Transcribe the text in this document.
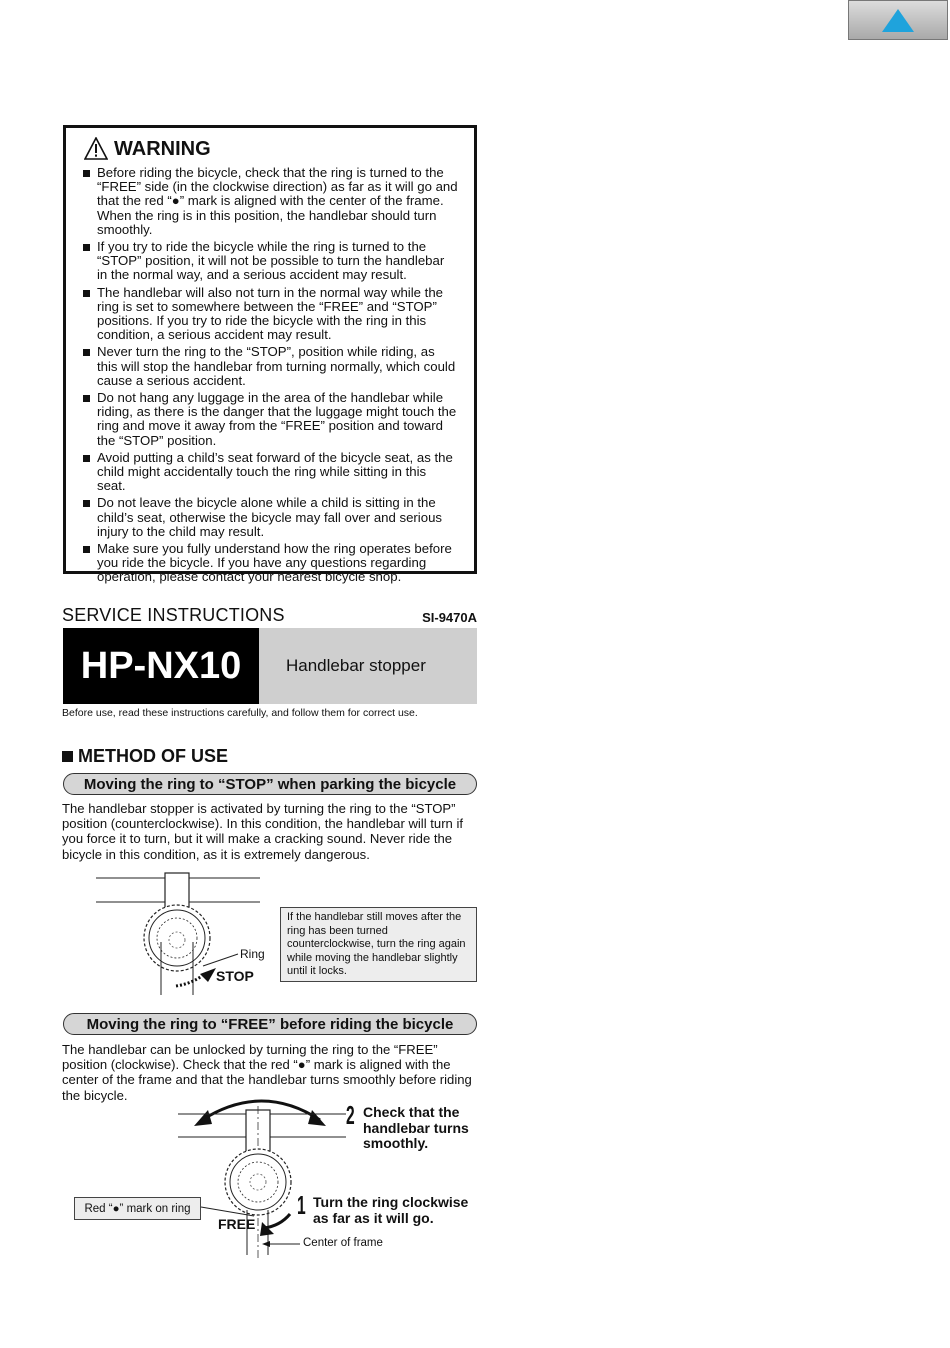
WARNING
Before riding the bicycle, check that the ring is turned to the “FREE” side (in the clockwise direction) as far as it will go and that the red “●” mark is aligned with the center of the frame. When the ring is in this position, the handlebar should turn smoothly.
If you try to ride the bicycle while the ring is turned to the “STOP” position, it will not be possible to turn the handlebar in the normal way, and a serious accident may result.
The handlebar will also not turn in the normal way while the ring is set to somewhere between the “FREE” and “STOP” positions. If you try to ride the bicycle with the ring in this condition, a serious accident may result.
Never turn the ring to the “STOP”, position while riding, as this will stop the handlebar from turning normally, which could cause a serious accident.
Do not hang any luggage in the area of the handlebar while riding, as there is the danger that the luggage might touch the ring and move it away from the “FREE” position and toward the “STOP” position.
Avoid putting a child’s seat forward of the bicycle seat, as the child might accidentally touch the ring while sitting in this seat.
Do not leave the bicycle alone while a child is sitting in the child’s seat, otherwise the bicycle may fall over and serious injury to the child may result.
Make sure you fully understand how the ring operates before you ride the bicycle. If you have any questions regarding operation, please contact your nearest bicycle shop.
SERVICE INSTRUCTIONS	SI-9470A
HP-NX10	Handlebar stopper
Before use, read these instructions carefully, and follow them for correct use.
METHOD OF USE
Moving the ring to “STOP” when parking the bicycle
The handlebar stopper is activated by turning the ring to the “STOP” position (counterclockwise). In this condition, the handlebar will turn if you force it to turn, but it will make a cracking sound. Never ride the bicycle in this condition, as it is extremely dangerous.
Ring
STOP
If the handlebar still moves after the ring has been turned counterclockwise, turn the ring again while moving the handlebar slightly until it locks.
Moving the ring to “FREE” before riding the bicycle
The handlebar can be unlocked by turning the ring to the “FREE” position (clockwise). Check that the red “●” mark is aligned with the center of the frame and that the handlebar turns smoothly before riding the bicycle.
2 Check that the handlebar turns smoothly.
1 Turn the ring clockwise as far as it will go.
FREE
Red “●” mark on ring
Center of frame
